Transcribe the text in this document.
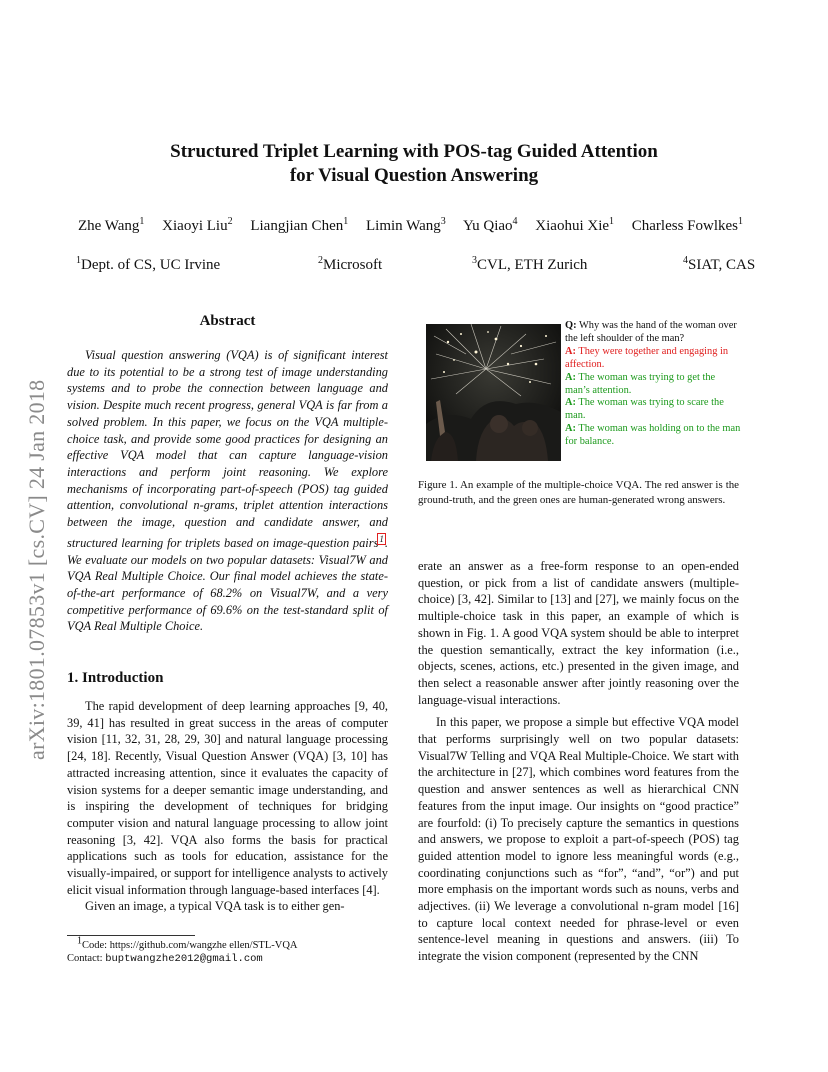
arXiv:1801.07853v1 [cs.CV] 24 Jan 2018
Structured Triplet Learning with POS-tag Guided Attention
for Visual Question Answering
Zhe Wang$^1$ Xiaoyi Liu$^2$ Liangjian Chen$^1$ Limin Wang$^3$ Yu Qiao$^4$ Xiaohui Xie$^1$ Charless Fowlkes$^1$
$^1$Dept. of CS, UC Irvine	$^2$Microsoft	$^3$CVL, ETH Zurich	$^4$SIAT, CAS
Abstract
Visual question answering (VQA) is of significant interest due to its potential to be a strong test of image understanding systems and to probe the connection between language and vision. Despite much recent progress, general VQA is far from a solved problem. In this paper, we focus on the VQA multiple-choice task, and provide some good practices for designing an effective VQA model that can capture language-vision interactions and perform joint reasoning. We explore mechanisms of incorporating part-of-speech (POS) tag guided attention, convolutional n-grams, triplet attention interactions between the image, question and candidate answer, and structured learning for triplets based on image-question pairs$^1$. We evaluate our models on two popular datasets: Visual7W and VQA Real Multiple Choice. Our final model achieves the state-of-the-art performance of 68.2% on Visual7W, and a very competitive performance of 69.6% on the test-standard split of VQA Real Multiple Choice.
1. Introduction

The rapid development of deep learning approaches [9, 40, 39, 41] has resulted in great success in the areas of computer vision [11, 32, 31, 28, 29, 30] and natural language processing [24, 18]. Recently, Visual Question Answer (VQA) [3, 10] has attracted increasing attention, since it evaluates the capacity of vision systems for a deeper semantic image understanding, and is inspiring the development of techniques for bridging computer vision and natural language processing to allow joint reasoning [3, 42]. VQA also forms the basis for practical applications such as tools for education, assistance for the visually-impaired, or support for intelligence analysts to actively elicit visual information through language-based interfaces [4].

Given an image, a typical VQA task is to either gen-

$^1$Code: https://github.com/wangzhe ellen/STL-VQA
Contact: buptwangzhe2012@gmail.com
Q: Why was the hand of the woman over the left shoulder of the man?
A: They were together and engaging in affection.
A: The woman was trying to get the man’s attention.
A: The woman was trying to scare the man.
A: The woman was holding on to the man for balance.
Figure 1. An example of the multiple-choice VQA. The red answer is the ground-truth, and the green ones are human-generated wrong answers.

erate an answer as a free-form response to an open-ended question, or pick from a list of candidate answers (multiple-choice) [3, 42]. Similar to [13] and [27], we mainly focus on the multiple-choice task in this paper, an example of which is shown in Fig. 1. A good VQA system should be able to interpret the question semantically, extract the key information (i.e., objects, scenes, actions, etc.) presented in the given image, and then select a reasonable answer after jointly reasoning over the language-visual interactions.

In this paper, we propose a simple but effective VQA model that performs surprisingly well on two popular datasets: Visual7W Telling and VQA Real Multiple-Choice. We start with the architecture in [27], which combines word features from the question and answer sentences as well as hierarchical CNN features from the input image. Our insights on “good practice” are fourfold: (i) To precisely capture the semantics in questions and answers, we propose to exploit a part-of-speech (POS) tag guided attention model to ignore less meaningful words (e.g., coordinating conjunctions such as “for”, “and”, “or”) and put more emphasis on the important words such as nouns, verbs and adjectives. (ii) We leverage a convolutional n-gram model [16] to capture local context needed for phrase-level or even sentence-level meaning in questions and answers. (iii) To integrate the vision component (represented by the CNN
